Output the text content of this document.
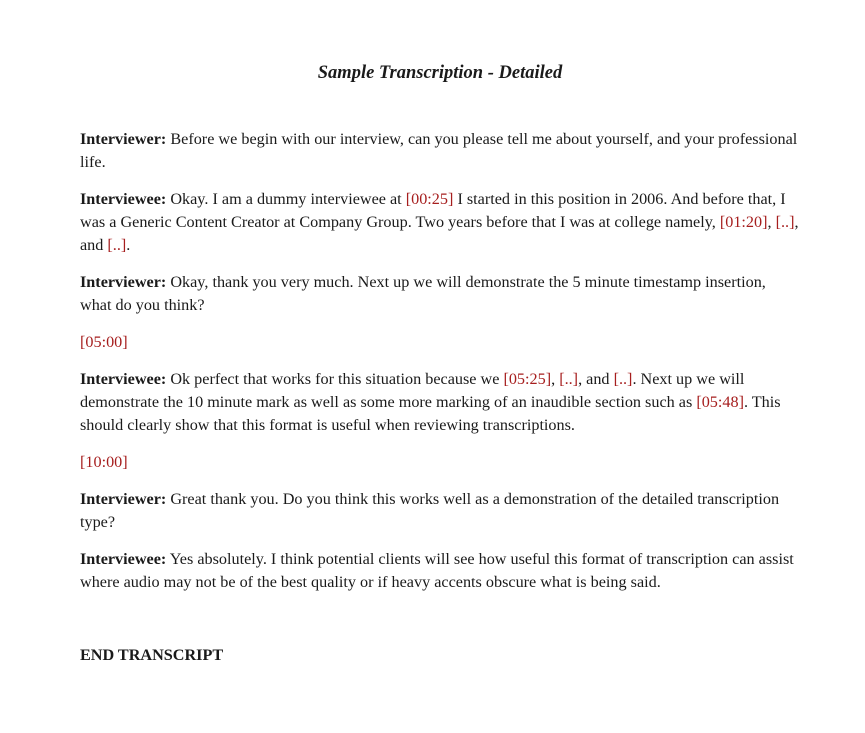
Sample Transcription - Detailed
Interviewer: Before we begin with our interview, can you please tell me about yourself, and your professional life.
Interviewee: Okay. I am a dummy interviewee at [00:25] I started in this position in 2006. And before that, I was a Generic Content Creator at Company Group. Two years before that I was at college namely, [01:20], [..], and [..].
Interviewer: Okay, thank you very much. Next up we will demonstrate the 5 minute timestamp insertion, what do you think?
[05:00]
Interviewee: Ok perfect that works for this situation because we [05:25], [..], and [..]. Next up we will demonstrate the 10 minute mark as well as some more marking of an inaudible section such as [05:48]. This should clearly show that this format is useful when reviewing transcriptions.
[10:00]
Interviewer: Great thank you. Do you think this works well as a demonstration of the detailed transcription type?
Interviewee: Yes absolutely. I think potential clients will see how useful this format of transcription can assist where audio may not be of the best quality or if heavy accents obscure what is being said.
END TRANSCRIPT
